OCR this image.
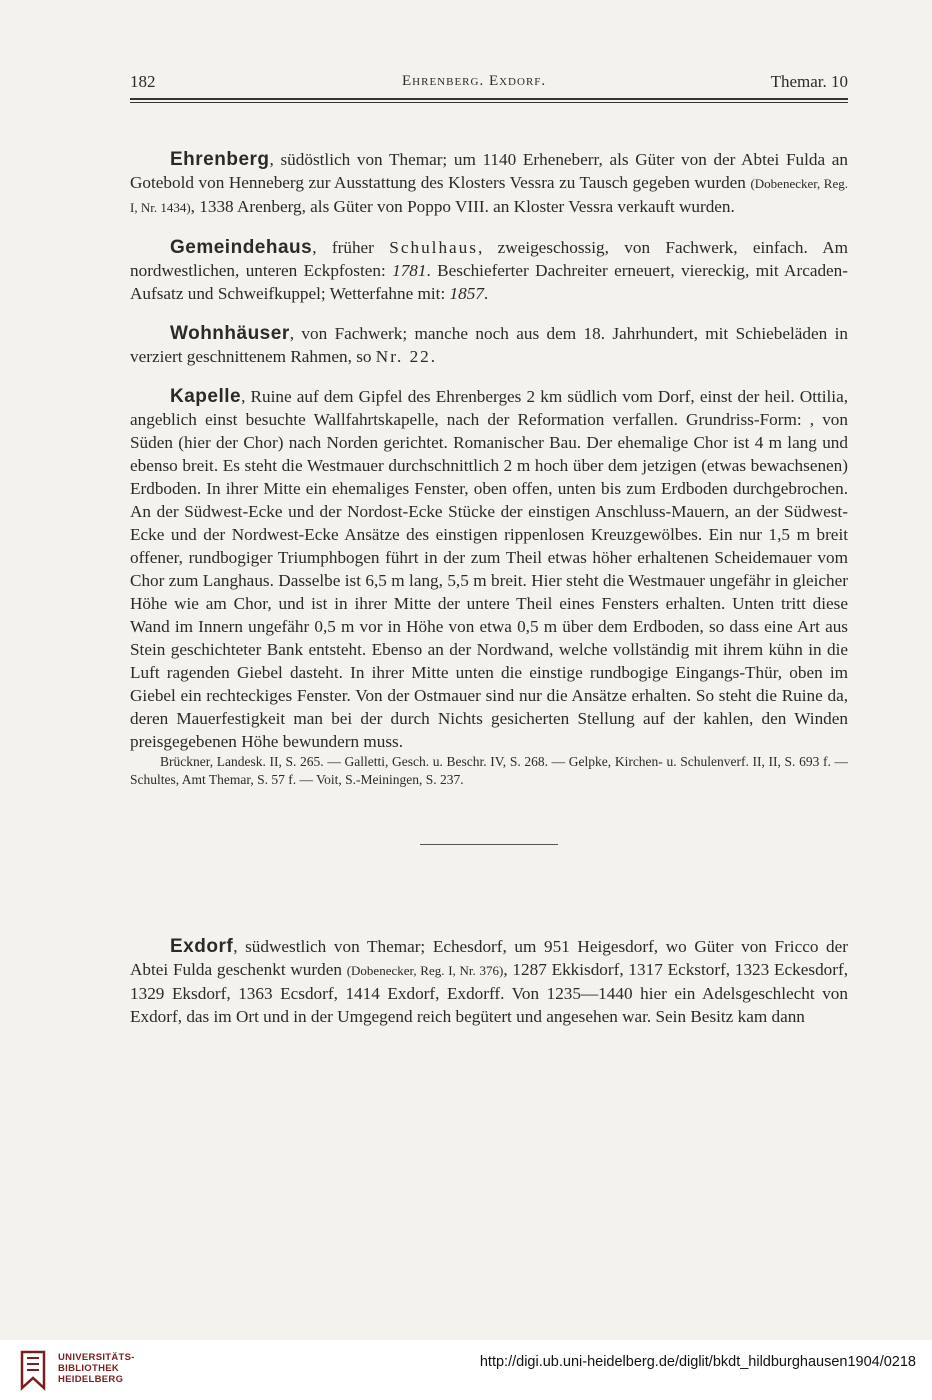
182	Ehrenberg. Exdorf.	Themar. 10

Ehrenberg, südöstlich von Themar; um 1140 Erheneberr, als Güter von der Abtei Fulda an Gotebold von Henneberg zur Ausstattung des Klosters Vessra zu Tausch gegeben wurden (Dobenecker, Reg. I, Nr. 1434), 1338 Arenberg, als Güter von Poppo VIII. an Kloster Vessra verkauft wurden.

Gemeindehaus, früher Schulhaus, zweigeschossig, von Fachwerk, einfach. Am nordwestlichen, unteren Eckpfosten: 1781. Beschieferter Dachreiter erneuert, viereckig, mit Arcaden-Aufsatz und Schweifkuppel; Wetterfahne mit: 1857.

Wohnhäuser, von Fachwerk; manche noch aus dem 18. Jahrhundert, mit Schiebeläden in verziert geschnittenem Rahmen, so Nr. 22.

Kapelle, Ruine auf dem Gipfel des Ehrenberges 2 km südlich vom Dorf, einst der heil. Ottilia, angeblich einst besuchte Wallfahrtskapelle, nach der Reformation verfallen. Grundriss-Form: , von Süden (hier der Chor) nach Norden gerichtet. Romanischer Bau. Der ehemalige Chor ist 4 m lang und ebenso breit. Es steht die Westmauer durchschnittlich 2 m hoch über dem jetzigen (etwas bewachsenen) Erdboden. In ihrer Mitte ein ehemaliges Fenster, oben offen, unten bis zum Erdboden durchgebrochen. An der Südwest-Ecke und der Nordost-Ecke Stücke der einstigen Anschluss-Mauern, an der Südwest-Ecke und der Nordwest-Ecke Ansätze des einstigen rippenlosen Kreuzgewölbes. Ein nur 1,5 m breit offener, rundbogiger Triumphbogen führt in der zum Theil etwas höher erhaltenen Scheidemauer vom Chor zum Langhaus. Dasselbe ist 6,5 m lang, 5,5 m breit. Hier steht die Westmauer ungefähr in gleicher Höhe wie am Chor, und ist in ihrer Mitte der untere Theil eines Fensters erhalten. Unten tritt diese Wand im Innern ungefähr 0,5 m vor in Höhe von etwa 0,5 m über dem Erdboden, so dass eine Art aus Stein geschichteter Bank entsteht. Ebenso an der Nordwand, welche vollständig mit ihrem kühn in die Luft ragenden Giebel dasteht. In ihrer Mitte unten die einstige rundbogige Eingangs-Thür, oben im Giebel ein rechteckiges Fenster. Von der Ostmauer sind nur die Ansätze erhalten. So steht die Ruine da, deren Mauerfestigkeit man bei der durch Nichts gesicherten Stellung auf der kahlen, den Winden preisgegebenen Höhe bewundern muss.

Brückner, Landesk. II, S. 265. — Galletti, Gesch. u. Beschr. IV, S. 268. — Gelpke, Kirchen- u. Schulenverf. II, II, S. 693 f. — Schultes, Amt Themar, S. 57 f. — Voit, S.-Meiningen, S. 237.

Exdorf, südwestlich von Themar; Echesdorf, um 951 Heigesdorf, wo Güter von Fricco der Abtei Fulda geschenkt wurden (Dobenecker, Reg. I, Nr. 376), 1287 Ekkisdorf, 1317 Eckstorf, 1323 Eckesdorf, 1329 Eksdorf, 1363 Ecsdorf, 1414 Exdorf, Exdorff. Von 1235—1440 hier ein Adelsgeschlecht von Exdorf, das im Ort und in der Umgegend reich begütert und angesehen war. Sein Besitz kam dann

UNIVERSITÄTS-
BIBLIOTHEK
HEIDELBERG
http://digi.ub.uni-heidelberg.de/diglit/bkdt_hildburghausen1904/0218
